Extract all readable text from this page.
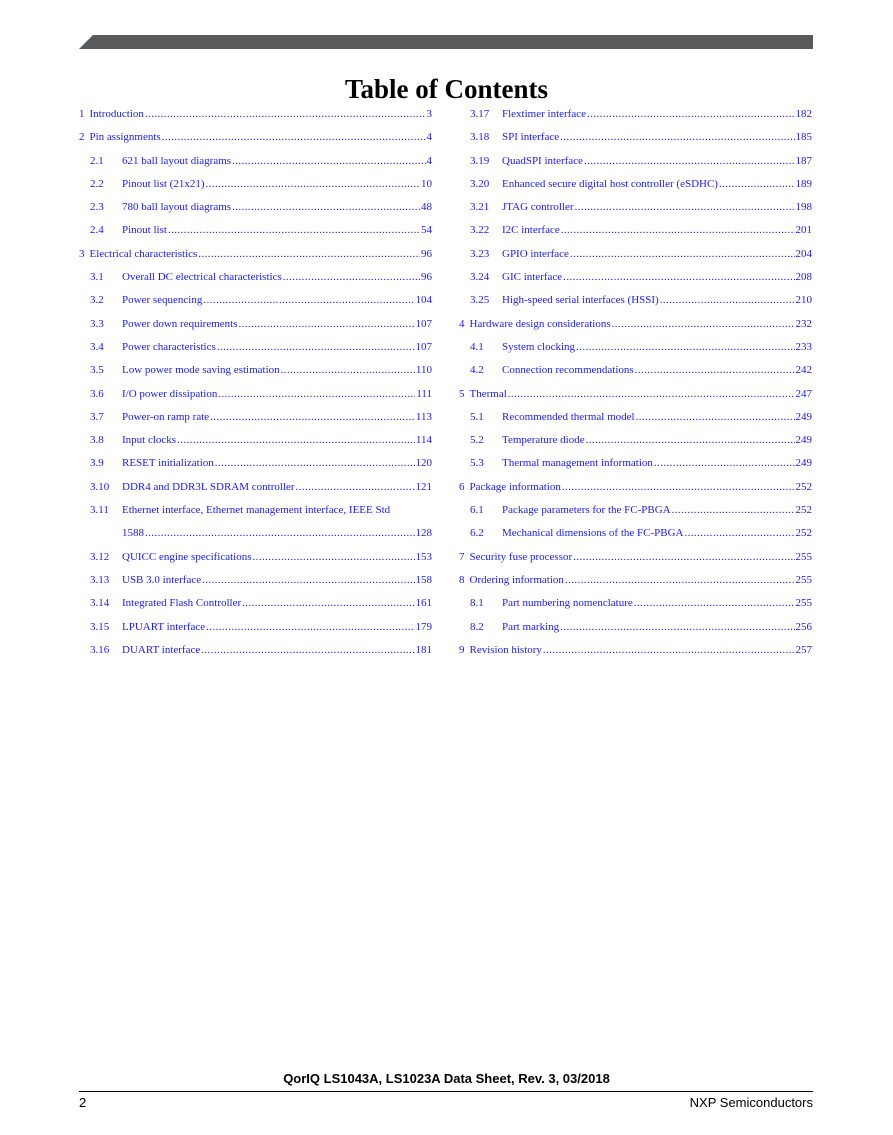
Table of Contents
1 Introduction .....	3
2 Pin assignments .....	4
2.1	621 ball layout diagrams .....	4
2.2	Pinout list (21x21) .....	10
2.3	780 ball layout diagrams .....	48
2.4	Pinout list .....	54
3 Electrical characteristics .....	96
3.1	Overall DC electrical characteristics .....	96
3.2	Power sequencing .....	104
3.3	Power down requirements .....	107
3.4	Power characteristics .....	107
3.5	Low power mode saving estimation .....	110
3.6	I/O power dissipation .....	111
3.7	Power-on ramp rate .....	113
3.8	Input clocks .....	114
3.9	RESET initialization .....	120
3.10	DDR4 and DDR3L SDRAM controller .....	121
3.11	Ethernet interface, Ethernet management interface, IEEE Std
1588 .....	128
3.12	QUICC engine specifications .....	153
3.13	USB 3.0 interface .....	158
3.14	Integrated Flash Controller .....	161
3.15	LPUART interface .....	179
3.16	DUART interface .....	181
3.17	Flextimer interface .....	182
3.18	SPI interface .....	185
3.19	QuadSPI interface .....	187
3.20	Enhanced secure digital host controller (eSDHC) .....	189
3.21	JTAG controller .....	198
3.22	I2C interface .....	201
3.23	GPIO interface .....	204
3.24	GIC interface .....	208
3.25	High-speed serial interfaces (HSSI) .....	210
4 Hardware design considerations .....	232
4.1	System clocking .....	233
4.2	Connection recommendations .....	242
5 Thermal .....	247
5.1	Recommended thermal model .....	249
5.2	Temperature diode .....	249
5.3	Thermal management information .....	249
6 Package information .....	252
6.1	Package parameters for the FC-PBGA .....	252
6.2	Mechanical dimensions of the FC-PBGA .....	252
7 Security fuse processor .....	255
8 Ordering information .....	255
8.1	Part numbering nomenclature .....	255
8.2	Part marking .....	256
9 Revision history .....	257
QorIQ LS1043A, LS1023A Data Sheet, Rev. 3, 03/2018
2	NXP Semiconductors
